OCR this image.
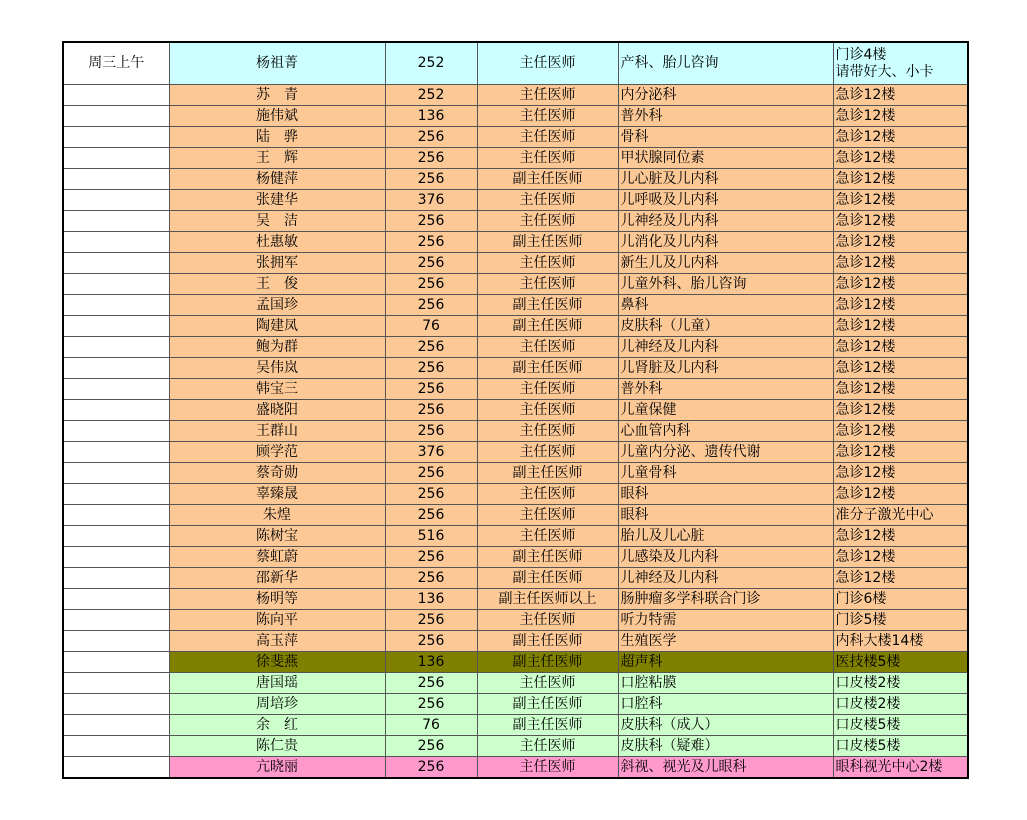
周三上午	杨祖菁	252	主任医师	产科、胎儿咨询	门诊4楼
请带好大、小卡

	苏　青	252	主任医师	内分泌科	急诊12楼

	施伟斌	136	主任医师	普外科	急诊12楼

	陆　骅	256	主任医师	骨科	急诊12楼

	王　辉	256	主任医师	甲状腺同位素	急诊12楼

	杨健萍	256	副主任医师	儿心脏及儿内科	急诊12楼

	张建华	376	主任医师	儿呼吸及儿内科	急诊12楼

	吴　洁	256	主任医师	儿神经及儿内科	急诊12楼

	杜惠敏	256	副主任医师	儿消化及儿内科	急诊12楼

	张拥军	256	主任医师	新生儿及儿内科	急诊12楼

	王　俊	256	主任医师	儿童外科、胎儿咨询	急诊12楼

	孟国珍	256	副主任医师	鼻科	急诊12楼

	陶建凤	76	副主任医师	皮肤科（儿童）	急诊12楼

	鲍为群	256	主任医师	儿神经及儿内科	急诊12楼

	吴伟岚	256	副主任医师	儿肾脏及儿内科	急诊12楼

	韩宝三	256	主任医师	普外科	急诊12楼

	盛晓阳	256	主任医师	儿童保健	急诊12楼

	王群山	256	主任医师	心血管内科	急诊12楼

	顾学范	376	主任医师	儿童内分泌、遗传代谢	急诊12楼

	蔡奇勋	256	副主任医师	儿童骨科	急诊12楼

	辜臻晟	256	主任医师	眼科	急诊12楼

	朱煌	256	主任医师	眼科	准分子激光中心

	陈树宝	516	主任医师	胎儿及儿心脏	急诊12楼

	蔡虹蔚	256	副主任医师	儿感染及儿内科	急诊12楼

	邵新华	256	副主任医师	儿神经及儿内科	急诊12楼

	杨明等	136	副主任医师以上	肠肿瘤多学科联合门诊	门诊6楼

	陈向平	256	主任医师	听力特需	门诊5楼

	高玉萍	256	副主任医师	生殖医学	内科大楼14楼

	徐斐燕	136	副主任医师	超声科	医技楼5楼

	唐国瑶	256	主任医师	口腔粘膜	口皮楼2楼

	周培珍	256	副主任医师	口腔科	口皮楼2楼

	余　红	76	副主任医师	皮肤科（成人）	口皮楼5楼

	陈仁贵	256	主任医师	皮肤科（疑难）	口皮楼5楼

	亢晓丽	256	主任医师	斜视、视光及儿眼科	眼科视光中心2楼
